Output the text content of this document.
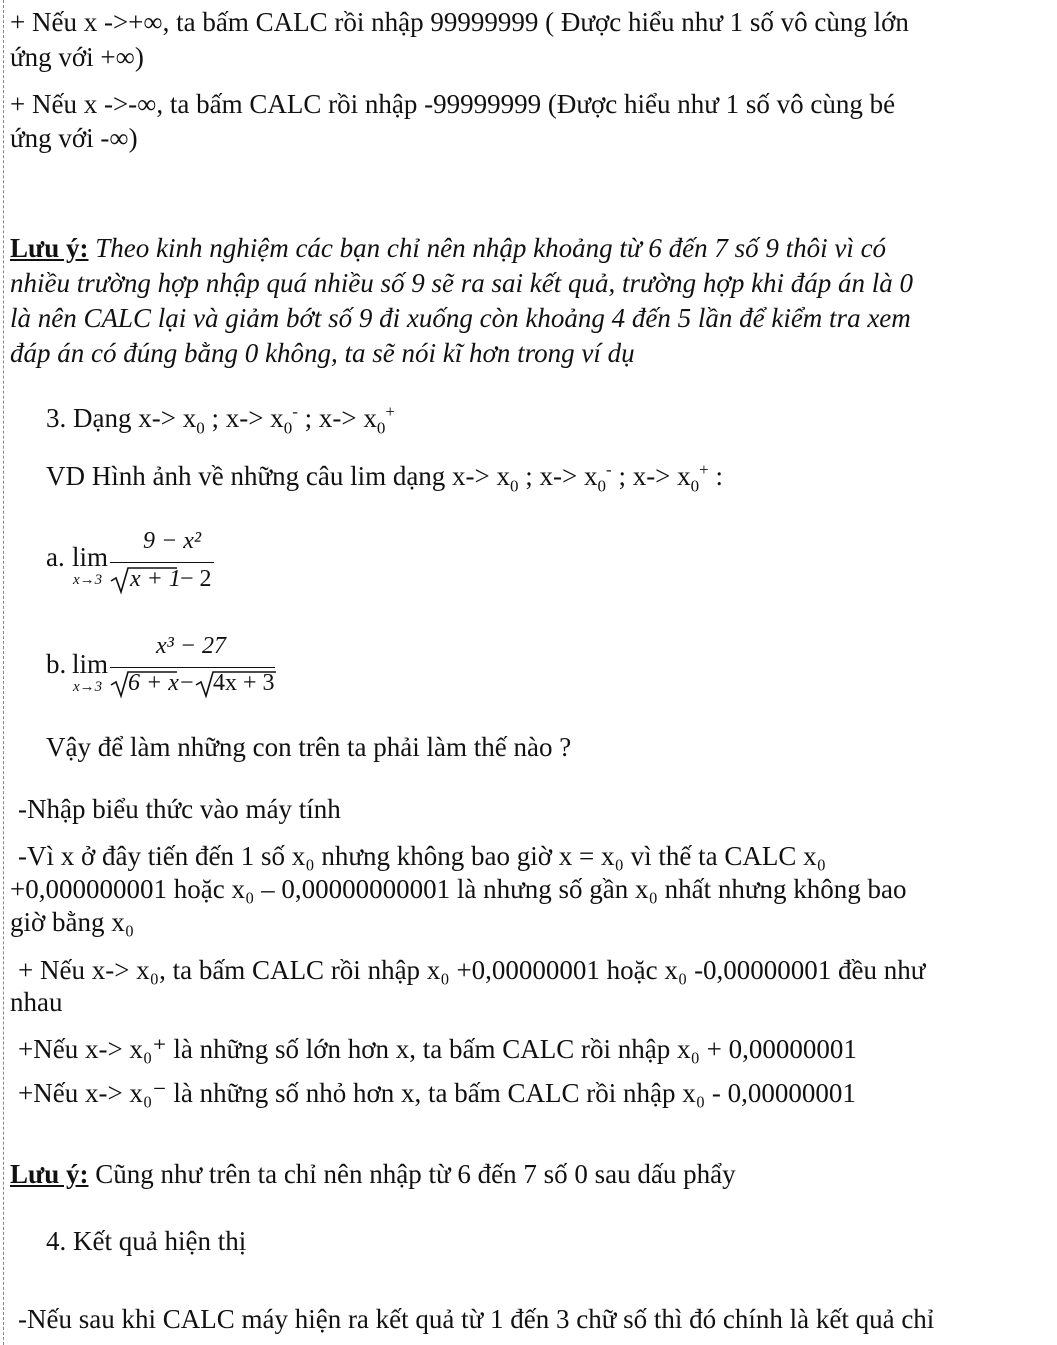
+ Nếu x ->+∞, ta bấm CALC rồi nhập 99999999 ( Được hiểu như 1 số vô cùng lớn
ứng với +∞)
+ Nếu x ->-∞, ta bấm CALC rồi nhập -99999999 (Được hiểu như 1 số vô cùng bé
ứng với -∞)
Lưu ý: Theo kinh nghiệm các bạn chỉ nên nhập khoảng từ 6 đến 7 số 9 thôi vì có
nhiều trường hợp nhập quá nhiều số 9 sẽ ra sai kết quả, trường hợp khi đáp án là 0
là nên CALC lại và giảm bớt số 9 đi xuống còn khoảng 4 đến 5 lần để kiểm tra xem
đáp án có đúng bằng 0 không, ta sẽ nói kĩ hơn trong ví dụ
3. Dạng $x-> x_0$ ; $x-> x_0^-$ ; $x-> x_0^+$
VD Hình ảnh về những câu lim dạng $x-> x_0$ ; $x-> x_0^-$ ; $x-> x_0^+$ :
a. lim
x→3
9 − x²
x + 1 − 2
b. lim
x→3
x³ − 27
6 + x − 4x + 3
Vậy để làm những con trên ta phải làm thế nào ?
-Nhập biểu thức vào máy tính
-Vì x ở đây tiến đến 1 số x₀ nhưng không bao giờ x = x₀ vì thế ta CALC x₀
+0,000000001 hoặc x₀ – 0,00000000001 là nhưng số gần x₀ nhất nhưng không bao
giờ bằng x₀
+ Nếu x-> x₀, ta bấm CALC rồi nhập x₀ +0,00000001 hoặc x₀ -0,00000001 đều như
nhau
+Nếu x-> x₀⁺ là những số lớn hơn x, ta bấm CALC rồi nhập x₀ + 0,00000001
+Nếu x-> x₀⁻ là những số nhỏ hơn x, ta bấm CALC rồi nhập x₀ - 0,00000001
Lưu ý: Cũng như trên ta chỉ nên nhập từ 6 đến 7 số 0 sau dấu phẩy
4. Kết quả hiện thị
-Nếu sau khi CALC máy hiện ra kết quả từ 1 đến 3 chữ số thì đó chính là kết quả chỉ
